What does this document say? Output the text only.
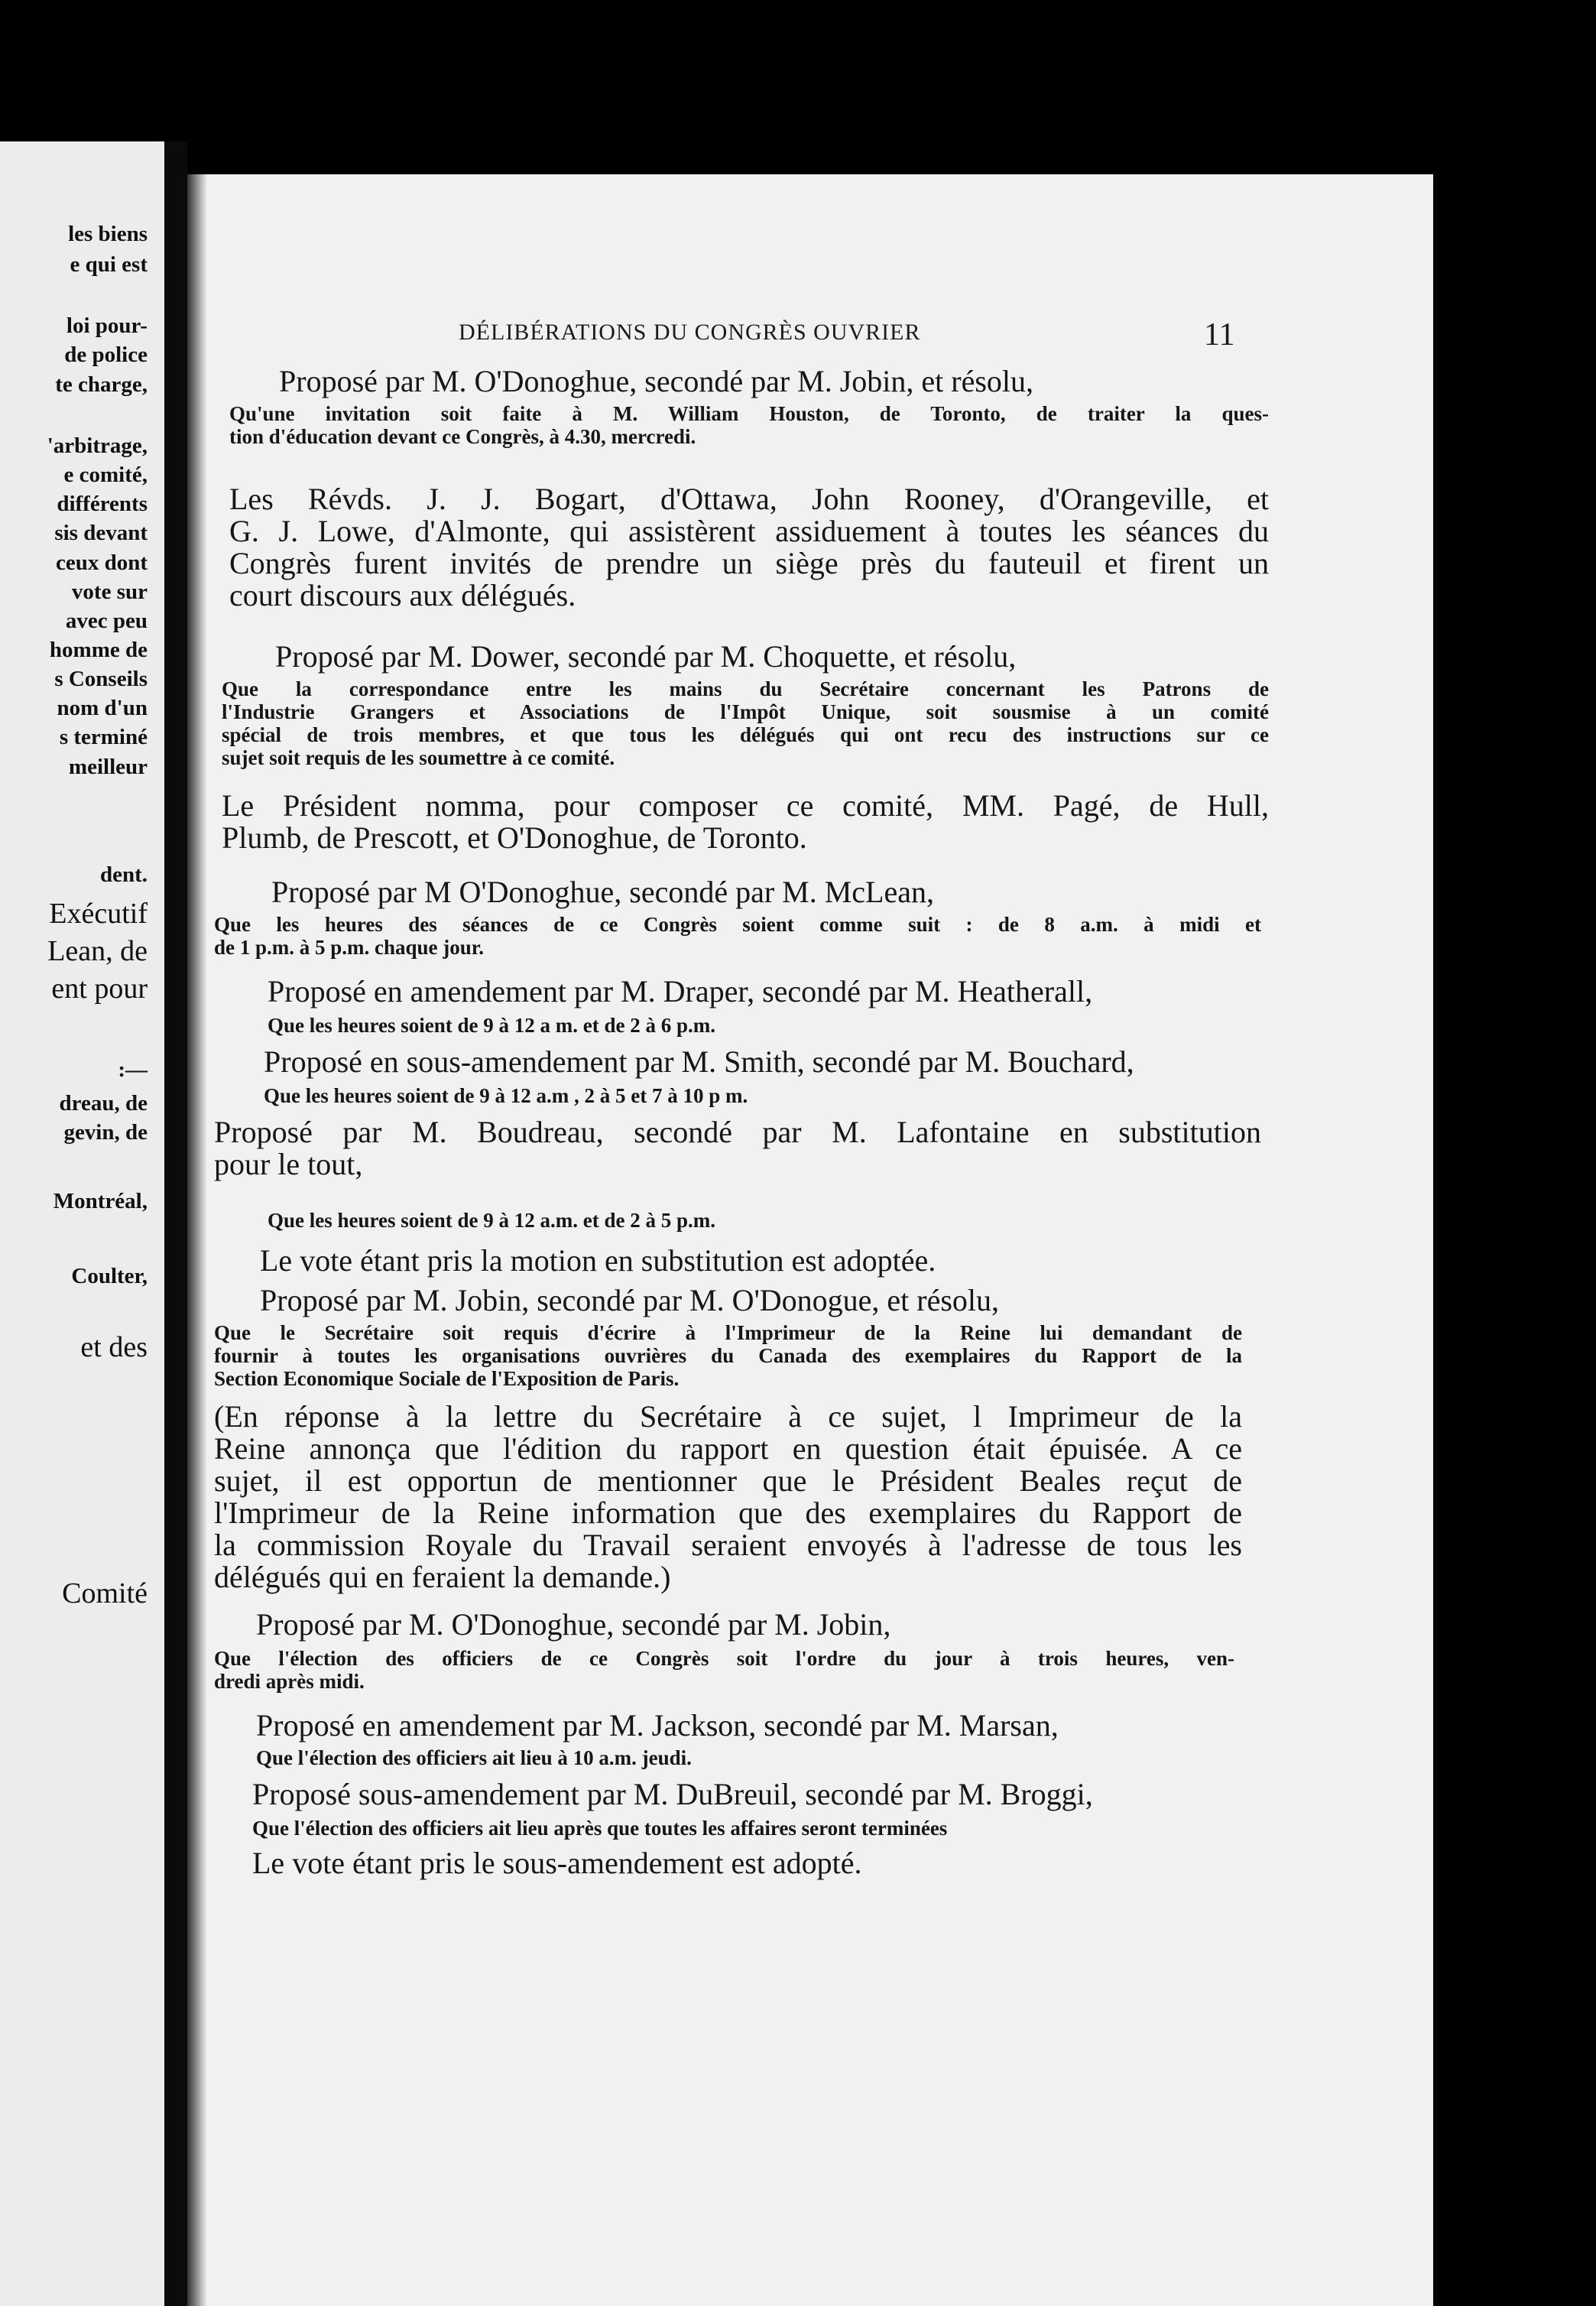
les biens
e qui est
loi pour-
de police
te charge,
'arbitrage,
e comité,
différents
sis devant
ceux dont
vote sur
avec peu
homme de
s Conseils
nom d'un
s terminé
meilleur
dent.
Exécutif
Lean, de
ent pour
:—
dreau, de
gevin, de
Montréal,
Coulter,
et des
Comité
DÉLIBÉRATIONS DU CONGRÈS OUVRIER	11
Proposé par M. O'Donoghue, secondé par M. Jobin, et résolu,
Qu'une invitation soit faite à M. William Houston, de Toronto, de traiter la ques-
tion d'éducation devant ce Congrès, à 4.30, mercredi.
Les Révds. J. J. Bogart, d'Ottawa, John Rooney, d'Orangeville, et
G. J. Lowe, d'Almonte, qui assistèrent assiduement à toutes les séances du
Congrès furent invités de prendre un siège près du fauteuil et firent un
court discours aux délégués.
Proposé par M. Dower, secondé par M. Choquette, et résolu,
Que la correspondance entre les mains du Secrétaire concernant les Patrons de
l'Industrie Grangers et Associations de l'Impôt Unique, soit sousmise à un comité
spécial de trois membres, et que tous les délégués qui ont recu des instructions sur ce
sujet soit requis de les soumettre à ce comité.
Le Président nomma, pour composer ce comité, MM. Pagé, de Hull,
Plumb, de Prescott, et O'Donoghue, de Toronto.
Proposé par M O'Donoghue, secondé par M. McLean,
Que les heures des séances de ce Congrès soient comme suit : de 8 a.m. à midi et
de 1 p.m. à 5 p.m. chaque jour.
Proposé en amendement par M. Draper, secondé par M. Heatherall,
Que les heures soient de 9 à 12 a m. et de 2 à 6 p.m.
Proposé en sous-amendement par M. Smith, secondé par M. Bouchard,
Que les heures soient de 9 à 12 a.m , 2 à 5 et 7 à 10 p m.
Proposé par M. Boudreau, secondé par M. Lafontaine en substitution
pour le tout,
Que les heures soient de 9 à 12 a.m. et de 2 à 5 p.m.
Le vote étant pris la motion en substitution est adoptée.
Proposé par M. Jobin, secondé par M. O'Donogue, et résolu,
Que le Secrétaire soit requis d'écrire à l'Imprimeur de la Reine lui demandant de
fournir à toutes les organisations ouvrières du Canada des exemplaires du Rapport de la
Section Economique Sociale de l'Exposition de Paris.
(En réponse à la lettre du Secrétaire à ce sujet, l Imprimeur de la
Reine annonça que l'édition du rapport en question était épuisée. A ce
sujet, il est opportun de mentionner que le Président Beales reçut de
l'Imprimeur de la Reine information que des exemplaires du Rapport de
la commission Royale du Travail seraient envoyés à l'adresse de tous les
délégués qui en feraient la demande.)
Proposé par M. O'Donoghue, secondé par M. Jobin,
Que l'élection des officiers de ce Congrès soit l'ordre du jour à trois heures, ven-
dredi après midi.
Proposé en amendement par M. Jackson, secondé par M. Marsan,
Que l'élection des officiers ait lieu à 10 a.m. jeudi.
Proposé sous-amendement par M. DuBreuil, secondé par M. Broggi,
Que l'élection des officiers ait lieu après que toutes les affaires seront terminées
Le vote étant pris le sous-amendement est adopté.
